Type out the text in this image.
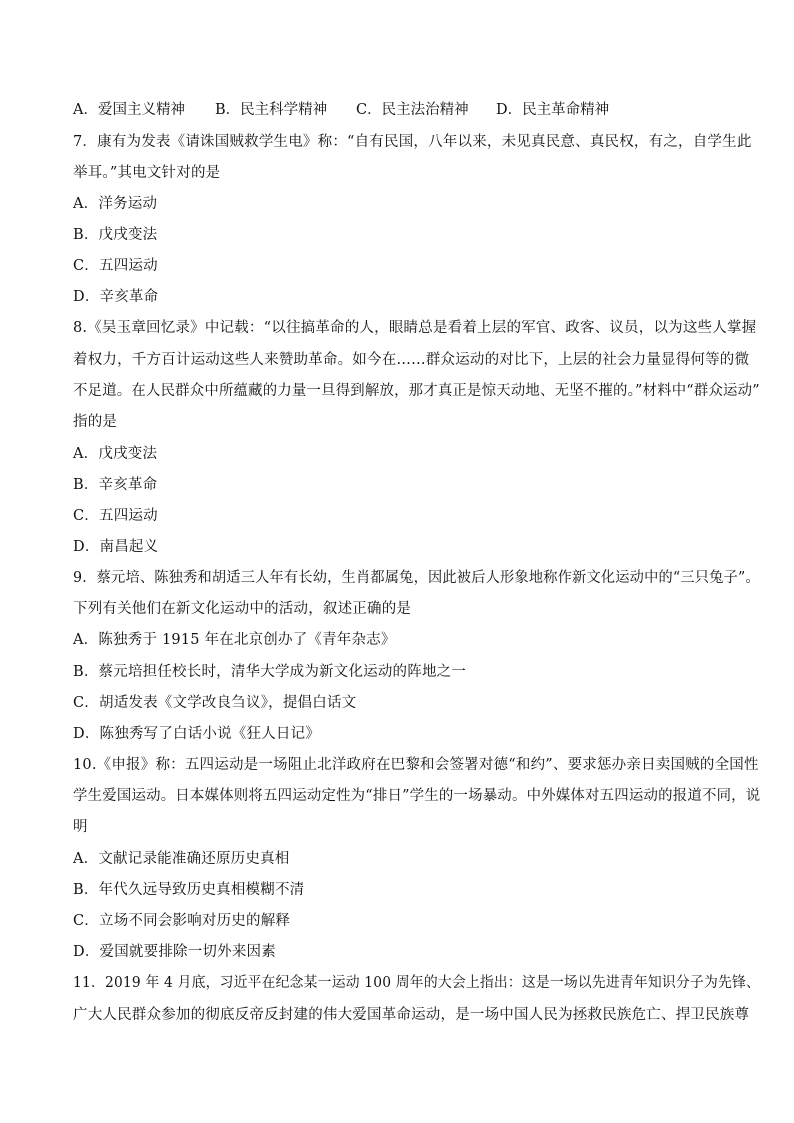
A．爱国主义精神 B．民主科学精神 C．民主法治精神 D．民主革命精神
7．康有为发表《请诛国贼救学生电》称：“自有民国，八年以来，未见真民意、真民权，有之，自学生此
举耳。”其电文针对的是
A．洋务运动
B．戊戌变法
C．五四运动
D．辛亥革命
8.《吴玉章回忆录》中记载：“以往搞革命的人，眼睛总是看着上层的军官、政客、议员，以为这些人掌握
着权力，千方百计运动这些人来赞助革命。如今在……群众运动的对比下，上层的社会力量显得何等的微
不足道。在人民群众中所蕴藏的力量一旦得到解放，那才真正是惊天动地、无坚不摧的。”材料中“群众运动”
指的是
A．戊戌变法
B．辛亥革命
C．五四运动
D．南昌起义
9．蔡元培、陈独秀和胡适三人年有长幼，生肖都属兔，因此被后人形象地称作新文化运动中的“三只兔子”。
下列有关他们在新文化运动中的活动，叙述正确的是
A．陈独秀于 1915 年在北京创办了《青年杂志》
B．蔡元培担任校长时，清华大学成为新文化运动的阵地之一
C．胡适发表《文学改良刍议》，提倡白话文
D．陈独秀写了白话小说《狂人日记》
10.《申报》称：五四运动是一场阻止北洋政府在巴黎和会签署对德“和约”、要求惩办亲日卖国贼的全国性
学生爱国运动。日本媒体则将五四运动定性为“排日”学生的一场暴动。中外媒体对五四运动的报道不同，说
明
A．文献记录能准确还原历史真相
B．年代久远导致历史真相模糊不清
C．立场不同会影响对历史的解释
D．爱国就要排除一切外来因素
11．2019 年 4 月底，习近平在纪念某一运动 100 周年的大会上指出：这是一场以先进青年知识分子为先锋、
广大人民群众参加的彻底反帝反封建的伟大爱国革命运动，是一场中国人民为拯救民族危亡、捍卫民族尊
